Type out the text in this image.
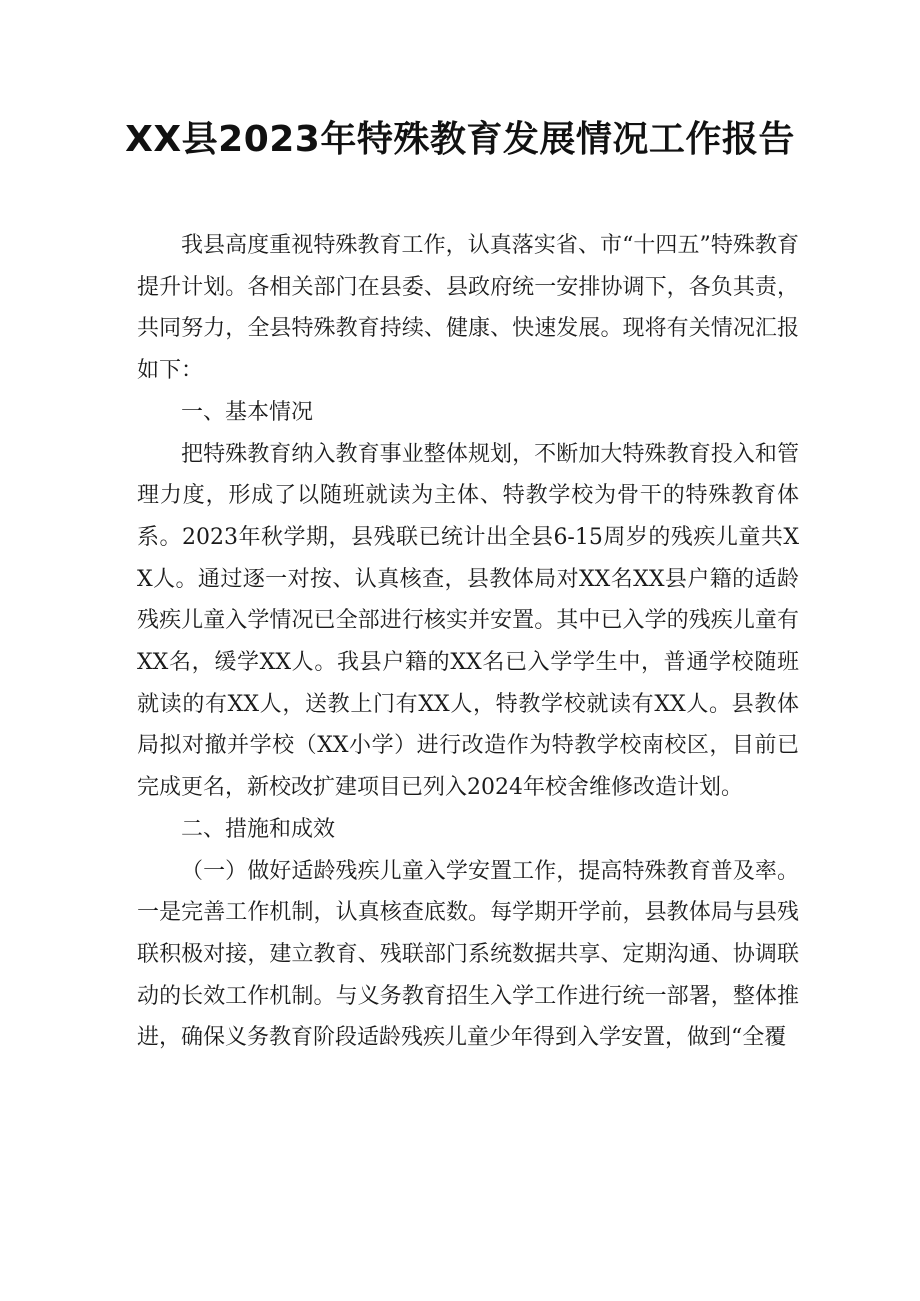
XX县2023年特殊教育发展情况工作报告

我县高度重视特殊教育工作，认真落实省、市“十四五”特殊教育提升计划。各相关部门在县委、县政府统一安排协调下，各负其责，共同努力，全县特殊教育持续、健康、快速发展。现将有关情况汇报如下：

一、基本情况

把特殊教育纳入教育事业整体规划，不断加大特殊教育投入和管理力度，形成了以随班就读为主体、特教学校为骨干的特殊教育体系。2023年秋学期，县残联已统计出全县6-15周岁的残疾儿童共XX人。通过逐一对按、认真核查，县教体局对XX名XX县户籍的适龄残疾儿童入学情况已全部进行核实并安置。其中已入学的残疾儿童有XX名，缓学XX人。我县户籍的XX名已入学学生中，普通学校随班就读的有XX人，送教上门有XX人，特教学校就读有XX人。县教体局拟对撤并学校（XX小学）进行改造作为特教学校南校区，目前已完成更名，新校改扩建项目已列入2024年校舍维修改造计划。

二、措施和成效

（一）做好适龄残疾儿童入学安置工作，提高特殊教育普及率。一是完善工作机制，认真核查底数。每学期开学前，县教体局与县残联积极对接，建立教育、残联部门系统数据共享、定期沟通、协调联动的长效工作机制。与义务教育招生入学工作进行统一部署，整体推进，确保义务教育阶段适龄残疾儿童少年得到入学安置，做到“全覆
